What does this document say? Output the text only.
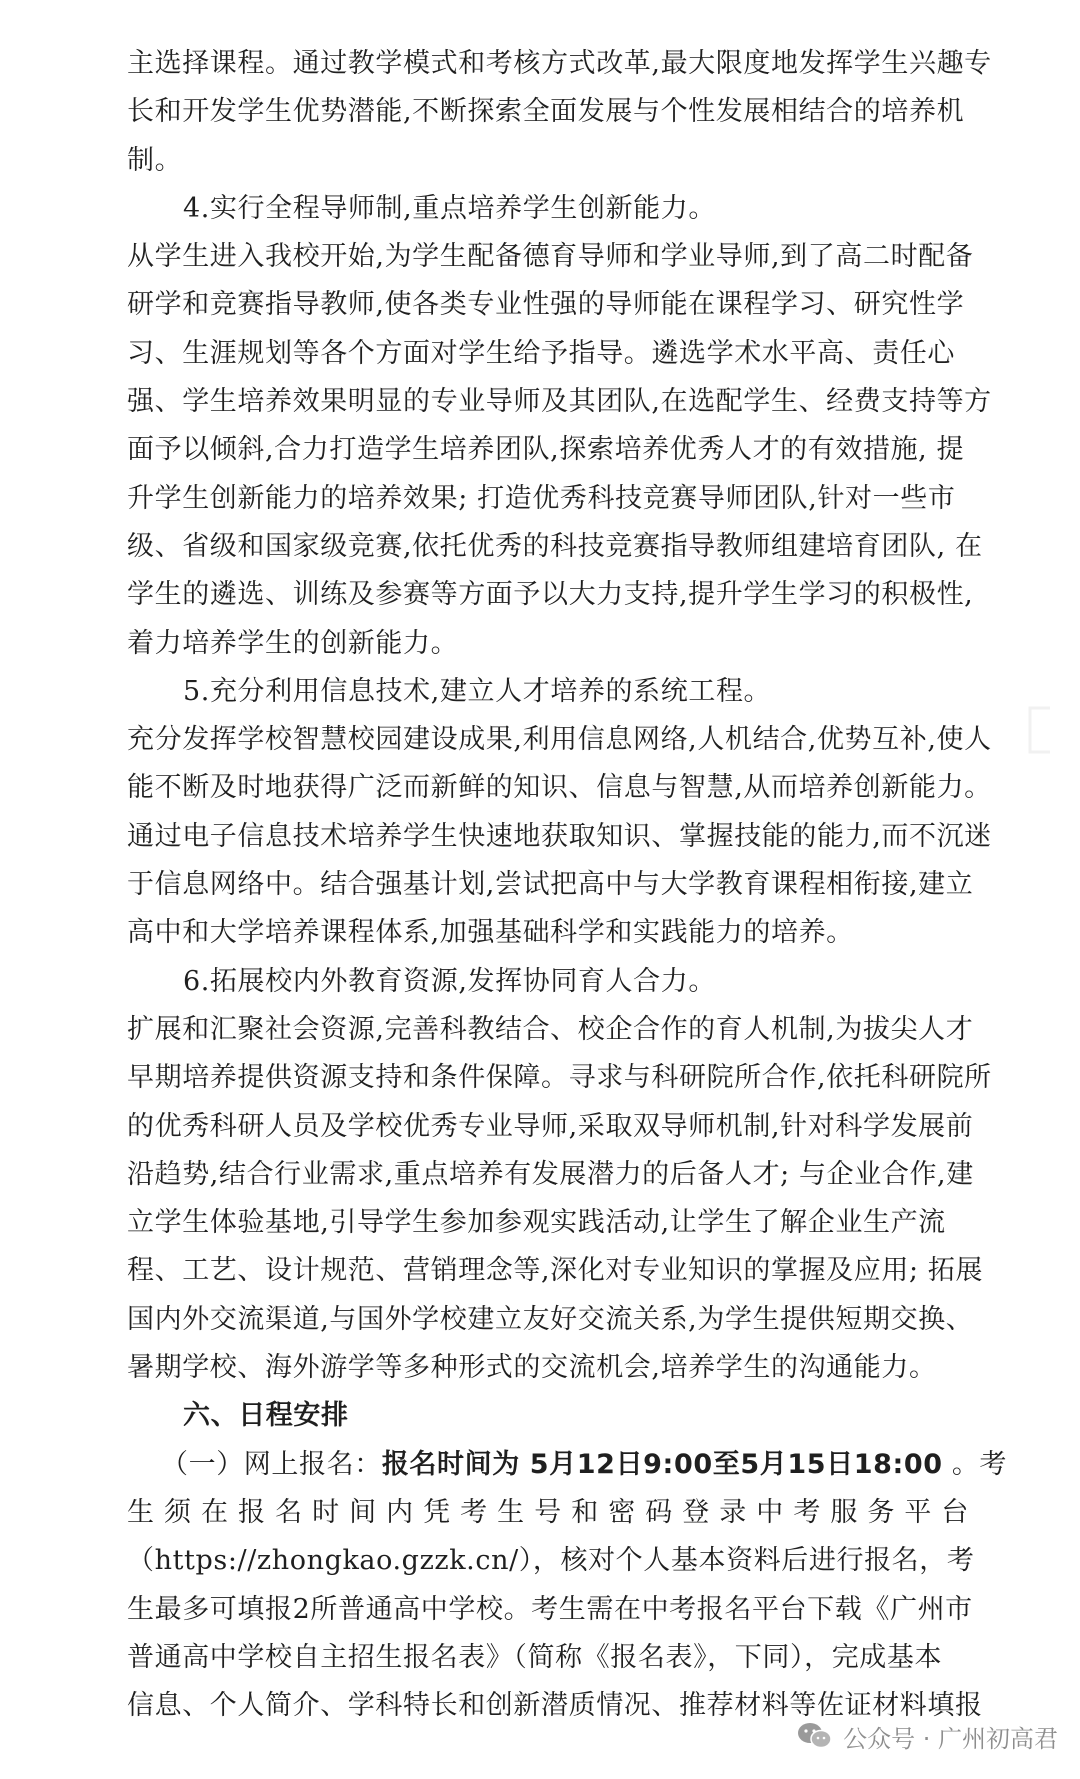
主选择课程。通过教学模式和考核方式改革,最大限度地发挥学生兴趣专
长和开发学生优势潜能,不断探索全面发展与个性发展相结合的培养机
制。
4.实行全程导师制,重点培养学生创新能力。
从学生进入我校开始,为学生配备德育导师和学业导师,到了高二时配备
研学和竞赛指导教师,使各类专业性强的导师能在课程学习、研究性学
习、生涯规划等各个方面对学生给予指导。遴选学术水平高、责任心
强、学生培养效果明显的专业导师及其团队,在选配学生、经费支持等方
面予以倾斜,合力打造学生培养团队,探索培养优秀人才的有效措施, 提
升学生创新能力的培养效果; 打造优秀科技竞赛导师团队,针对一些市
级、省级和国家级竞赛,依托优秀的科技竞赛指导教师组建培育团队, 在
学生的遴选、训练及参赛等方面予以大力支持,提升学生学习的积极性,
着力培养学生的创新能力。
5.充分利用信息技术,建立人才培养的系统工程。
充分发挥学校智慧校园建设成果,利用信息网络,人机结合,优势互补,使人
能不断及时地获得广泛而新鲜的知识、信息与智慧,从而培养创新能力。
通过电子信息技术培养学生快速地获取知识、掌握技能的能力,而不沉迷
于信息网络中。结合强基计划,尝试把高中与大学教育课程相衔接,建立
高中和大学培养课程体系,加强基础科学和实践能力的培养。
6.拓展校内外教育资源,发挥协同育人合力。
扩展和汇聚社会资源,完善科教结合、校企合作的育人机制,为拔尖人才
早期培养提供资源支持和条件保障。寻求与科研院所合作,依托科研院所
的优秀科研人员及学校优秀专业导师,采取双导师机制,针对科学发展前
沿趋势,结合行业需求,重点培养有发展潜力的后备人才; 与企业合作,建
立学生体验基地,引导学生参加参观实践活动,让学生了解企业生产流
程、工艺、设计规范、营销理念等,深化对专业知识的掌握及应用; 拓展
国内外交流渠道,与国外学校建立友好交流关系,为学生提供短期交换、
暑期学校、海外游学等多种形式的交流机会,培养学生的沟通能力。
六、日程安排
（一）网上报名：报名时间为 5月12日9:00至5月15日18:00 。考
生须在报名时间内凭考生号和密码登录中考服务平台
（https://zhongkao.gzzk.cn/），核对个人基本资料后进行报名，考
生最多可填报2所普通高中学校。考生需在中考报名平台下载《广州市
普通高中学校自主招生报名表》（简称《报名表》，下同），完成基本
信息、个人简介、学科特长和创新潜质情况、推荐材料等佐证材料填报
公众号 · 广州初高君
